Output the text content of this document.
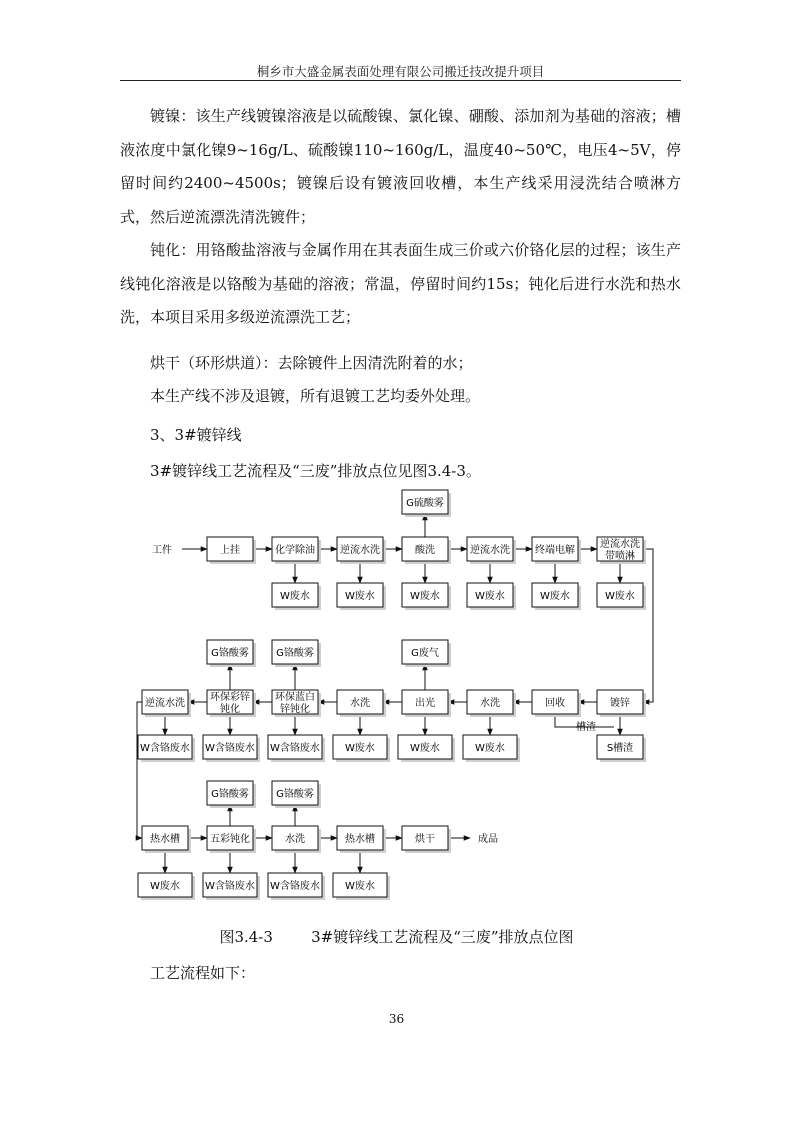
桐乡市大盛金属表面处理有限公司搬迁技改提升项目

镀镍：该生产线镀镍溶液是以硫酸镍、氯化镍、硼酸、添加剂为基础的溶液；槽液浓度中氯化镍9~16g/L、硫酸镍110~160g/L，温度40~50℃，电压4~5V，停留时间约2400~4500s；镀镍后设有镀液回收槽，本生产线采用浸洗结合喷淋方式，然后逆流漂洗清洗镀件；

钝化：用铬酸盐溶液与金属作用在其表面生成三价或六价铬化层的过程；该生产线钝化溶液是以铬酸为基础的溶液；常温，停留时间约15s；钝化后进行水洗和热水洗，本项目采用多级逆流漂洗工艺；

烘干（环形烘道）：去除镀件上因清洗附着的水；
本生产线不涉及退镀，所有退镀工艺均委外处理。
3、3#镀锌线
3#镀锌线工艺流程及“三废”排放点位见图3.4-3。
工件	上挂	化学除油	逆流水洗	酸洗	逆流水洗	终端电解
逆流水洗
带喷淋
W废水	W废水	W废水	W废水	W废水	W废水
G硫酸雾
镀锌
回收
水洗
出光
水洗
环保蓝白
锌钝化
环保彩锌
钝化
逆流水洗
槽渣
S槽渣
W废水
W废水
W废水
W含铬废水
W含铬废水
W含铬废水
G废气
G铬酸雾
G铬酸雾
热水槽	五彩钝化	水洗	热水槽	烘干	成品
W废水	W含铬废水 W含铬废水	W废水
G铬酸雾	G铬酸雾
图3.4-3	3#镀锌线工艺流程及“三废”排放点位图
工艺流程如下：
36
